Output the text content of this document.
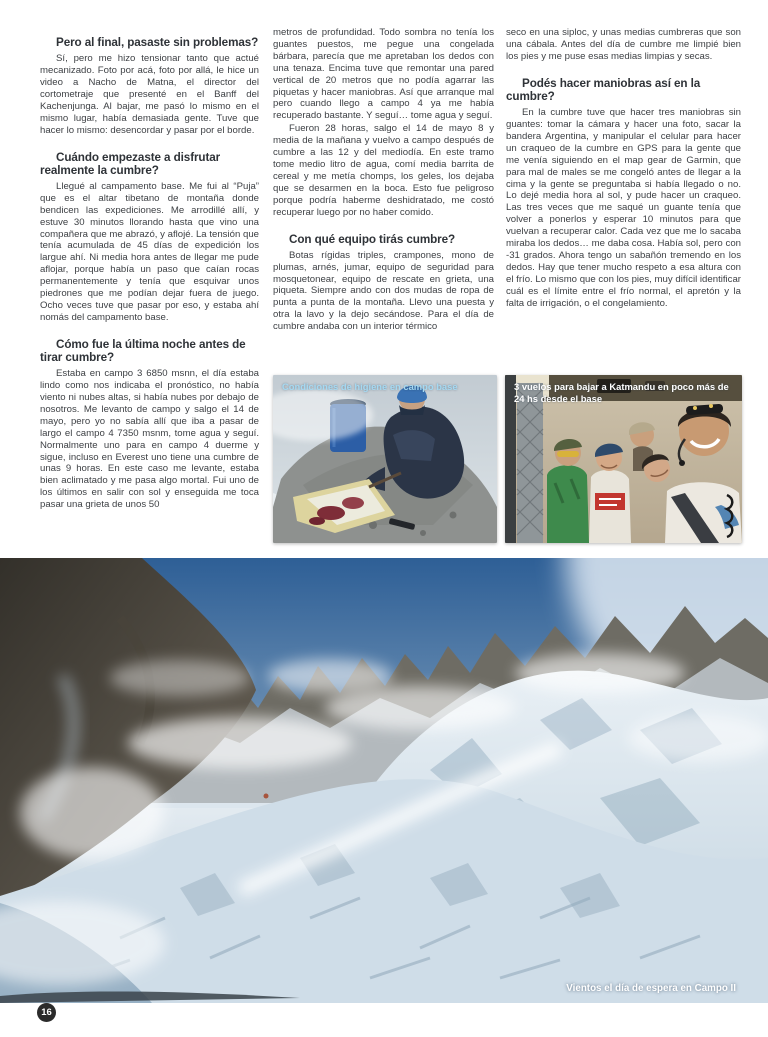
Pero al final, pasaste sin problemas?

Sí, pero me hizo tensionar tanto que actué mecanizado. Foto por acá, foto por allá, le hice un video a Nacho de Matna, el director del cortometraje que presenté en el Banff del Kachenjunga. Al bajar, me pasó lo mismo en el mismo lugar, había demasiada gente. Tuve que hacer lo mismo: desencordar y pasar por el borde.

Cuándo empezaste a disfrutar realmente la cumbre?

Llegué al campamento base. Me fui al “Puja” que es el altar tibetano de montaña donde bendicen las expediciones. Me arrodillé allí, y estuve 30 minutos llorando hasta que vino una compañera que me abrazó, y aflojé. La tensión que tenía acumulada de 45 días de expedición los largue ahí. Ni media hora antes de llegar me pude aflojar, porque había un paso que caían rocas permanentemente y tenía que esquivar unos piedrones que me podían dejar fuera de juego. Ocho veces tuve que pasar por eso, y estaba ahí nomás del campamento base.

Cómo fue la última noche antes de tirar cumbre?

Estaba en campo 3 6850 msnn, el día estaba lindo como nos indicaba el pronóstico, no había viento ni nubes altas, si había nubes por debajo de nosotros. Me levanto de campo y salgo el 14 de mayo, pero yo no sabía allí que iba a pasar de largo el campo 4 7350 msnm, tome agua y seguí. Normalmente uno para en campo 4 duerme y sigue, incluso en Everest uno tiene una cumbre de unas 9 horas. En este caso me levante, estaba bien aclimatado y me pasa algo mortal. Fui uno de los últimos en salir con sol y enseguida me toca pasar una grieta de unos 50

metros de profundidad. Todo sombra no tenía los guantes puestos, me pegue una congelada bárbara, parecía que me apretaban los dedos con una tenaza. Encima tuve que remontar una pared vertical de 20 metros que no podía agarrar las piquetas y hacer maniobras. Así que arranque mal pero cuando llego a campo 4 ya me había recuperado bastante. Y seguí… tome agua y seguí.

Fueron 28 horas, salgo el 14 de mayo 8 y media de la mañana y vuelvo a campo después de cumbre a las 12 y del mediodía. En este tramo tome medio litro de agua, comí media barrita de cereal y me metía chomps, los geles, los dejaba que se desarmen en la boca. Esto fue peligroso porque podría haberme deshidratado, me costó recuperar luego por no haber comido.

Con qué equipo tirás cumbre?

Botas rígidas triples, crampones, mono de plumas, arnés, jumar, equipo de seguridad para mosquetonear, equipo de rescate en grieta, una piqueta. Siempre ando con dos mudas de ropa de punta a punta de la montaña. Llevo una puesta y otra la lavo y la dejo secándose. Para el día de cumbre andaba con un interior térmico

seco en una siploc, y unas medias cumbreras que son una cábala. Antes del día de cumbre me limpié bien los pies y me puse esas medias limpias y secas.

Podés hacer maniobras así en la cumbre?

En la cumbre tuve que hacer tres maniobras sin guantes: tomar la cámara y hacer una foto, sacar la bandera Argentina, y manipular el celular para hacer un craqueo de la cumbre en GPS para la gente que me venía siguiendo en el map gear de Garmin, que para mal de males se me congeló antes de llegar a la cima y la gente se preguntaba si había llegado o no. Lo dejé media hora al sol, y pude hacer un craqueo. Las tres veces que me saqué un guante tenía que volver a ponerlos y esperar 10 minutos para que vuelvan a recuperar calor. Cada vez que me lo sacaba miraba los dedos… me daba cosa. Había sol, pero con -31 grados. Ahora tengo un sabañón tremendo en los dedos. Hay que tener mucho respeto a esa altura con el frío. Lo mismo que con los pies, muy difícil identificar cuál es el límite entre el frío normal, el apretón y la falta de irrigación, o el congelamiento.

Condiciones de higiene en campo base	3 vuelos para bajar a Katmandu en poco más de 24 hs desde el base
Vientos el día de espera en Campo II
16
